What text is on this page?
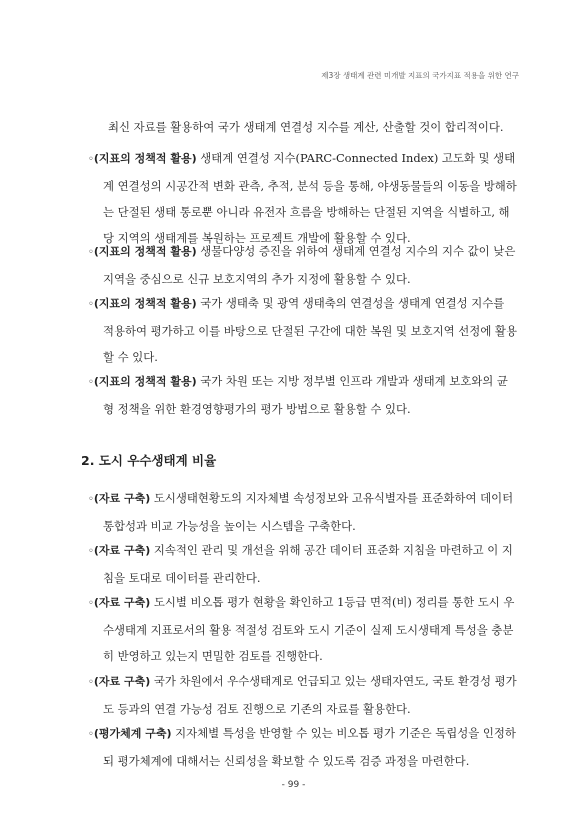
제3장 생태계 관련 미개발 지표의 국가지표 적용을 위한 연구
최신 자료를 활용하여 국가 생태계 연결성 지수를 계산, 산출할 것이 합리적이다.
◦(지표의 정책적 활용) 생태계 연결성 지수(PARC-Connected Index) 고도화 및 생태
계 연결성의 시공간적 변화 관측, 추적, 분석 등을 통해, 야생동물들의 이동을 방해하
는 단절된 생태 통로뿐 아니라 유전자 흐름을 방해하는 단절된 지역을 식별하고, 해
당 지역의 생태계를 복원하는 프로젝트 개발에 활용할 수 있다.
◦(지표의 정책적 활용) 생물다양성 증진을 위하여 생태계 연결성 지수의 지수 값이 낮은
지역을 중심으로 신규 보호지역의 추가 지정에 활용할 수 있다.
◦(지표의 정책적 활용) 국가 생태축 및 광역 생태축의 연결성을 생태계 연결성 지수를
적용하여 평가하고 이를 바탕으로 단절된 구간에 대한 복원 및 보호지역 선정에 활용
할 수 있다.
◦(지표의 정책적 활용) 국가 차원 또는 지방 정부별 인프라 개발과 생태계 보호와의 균
형 정책을 위한 환경영향평가의 평가 방법으로 활용할 수 있다.
2. 도시 우수생태계 비율
◦(자료 구축) 도시생태현황도의 지자체별 속성정보와 고유식별자를 표준화하여 데이터
통합성과 비교 가능성을 높이는 시스템을 구축한다.
◦(자료 구축) 지속적인 관리 및 개선을 위해 공간 데이터 표준화 지침을 마련하고 이 지
침을 토대로 데이터를 관리한다.
◦(자료 구축) 도시별 비오톱 평가 현황을 확인하고 1등급 면적(비) 정리를 통한 도시 우
수생태계 지표로서의 활용 적절성 검토와 도시 기준이 실제 도시생태계 특성을 충분
히 반영하고 있는지 면밀한 검토를 진행한다.
◦(자료 구축) 국가 차원에서 우수생태계로 언급되고 있는 생태자연도, 국토 환경성 평가
도 등과의 연결 가능성 검토 진행으로 기존의 자료를 활용한다.
◦(평가체계 구축) 지자체별 특성을 반영할 수 있는 비오톱 평가 기준은 독립성을 인정하
되 평가체계에 대해서는 신뢰성을 확보할 수 있도록 검증 과정을 마련한다.
- 99 -
